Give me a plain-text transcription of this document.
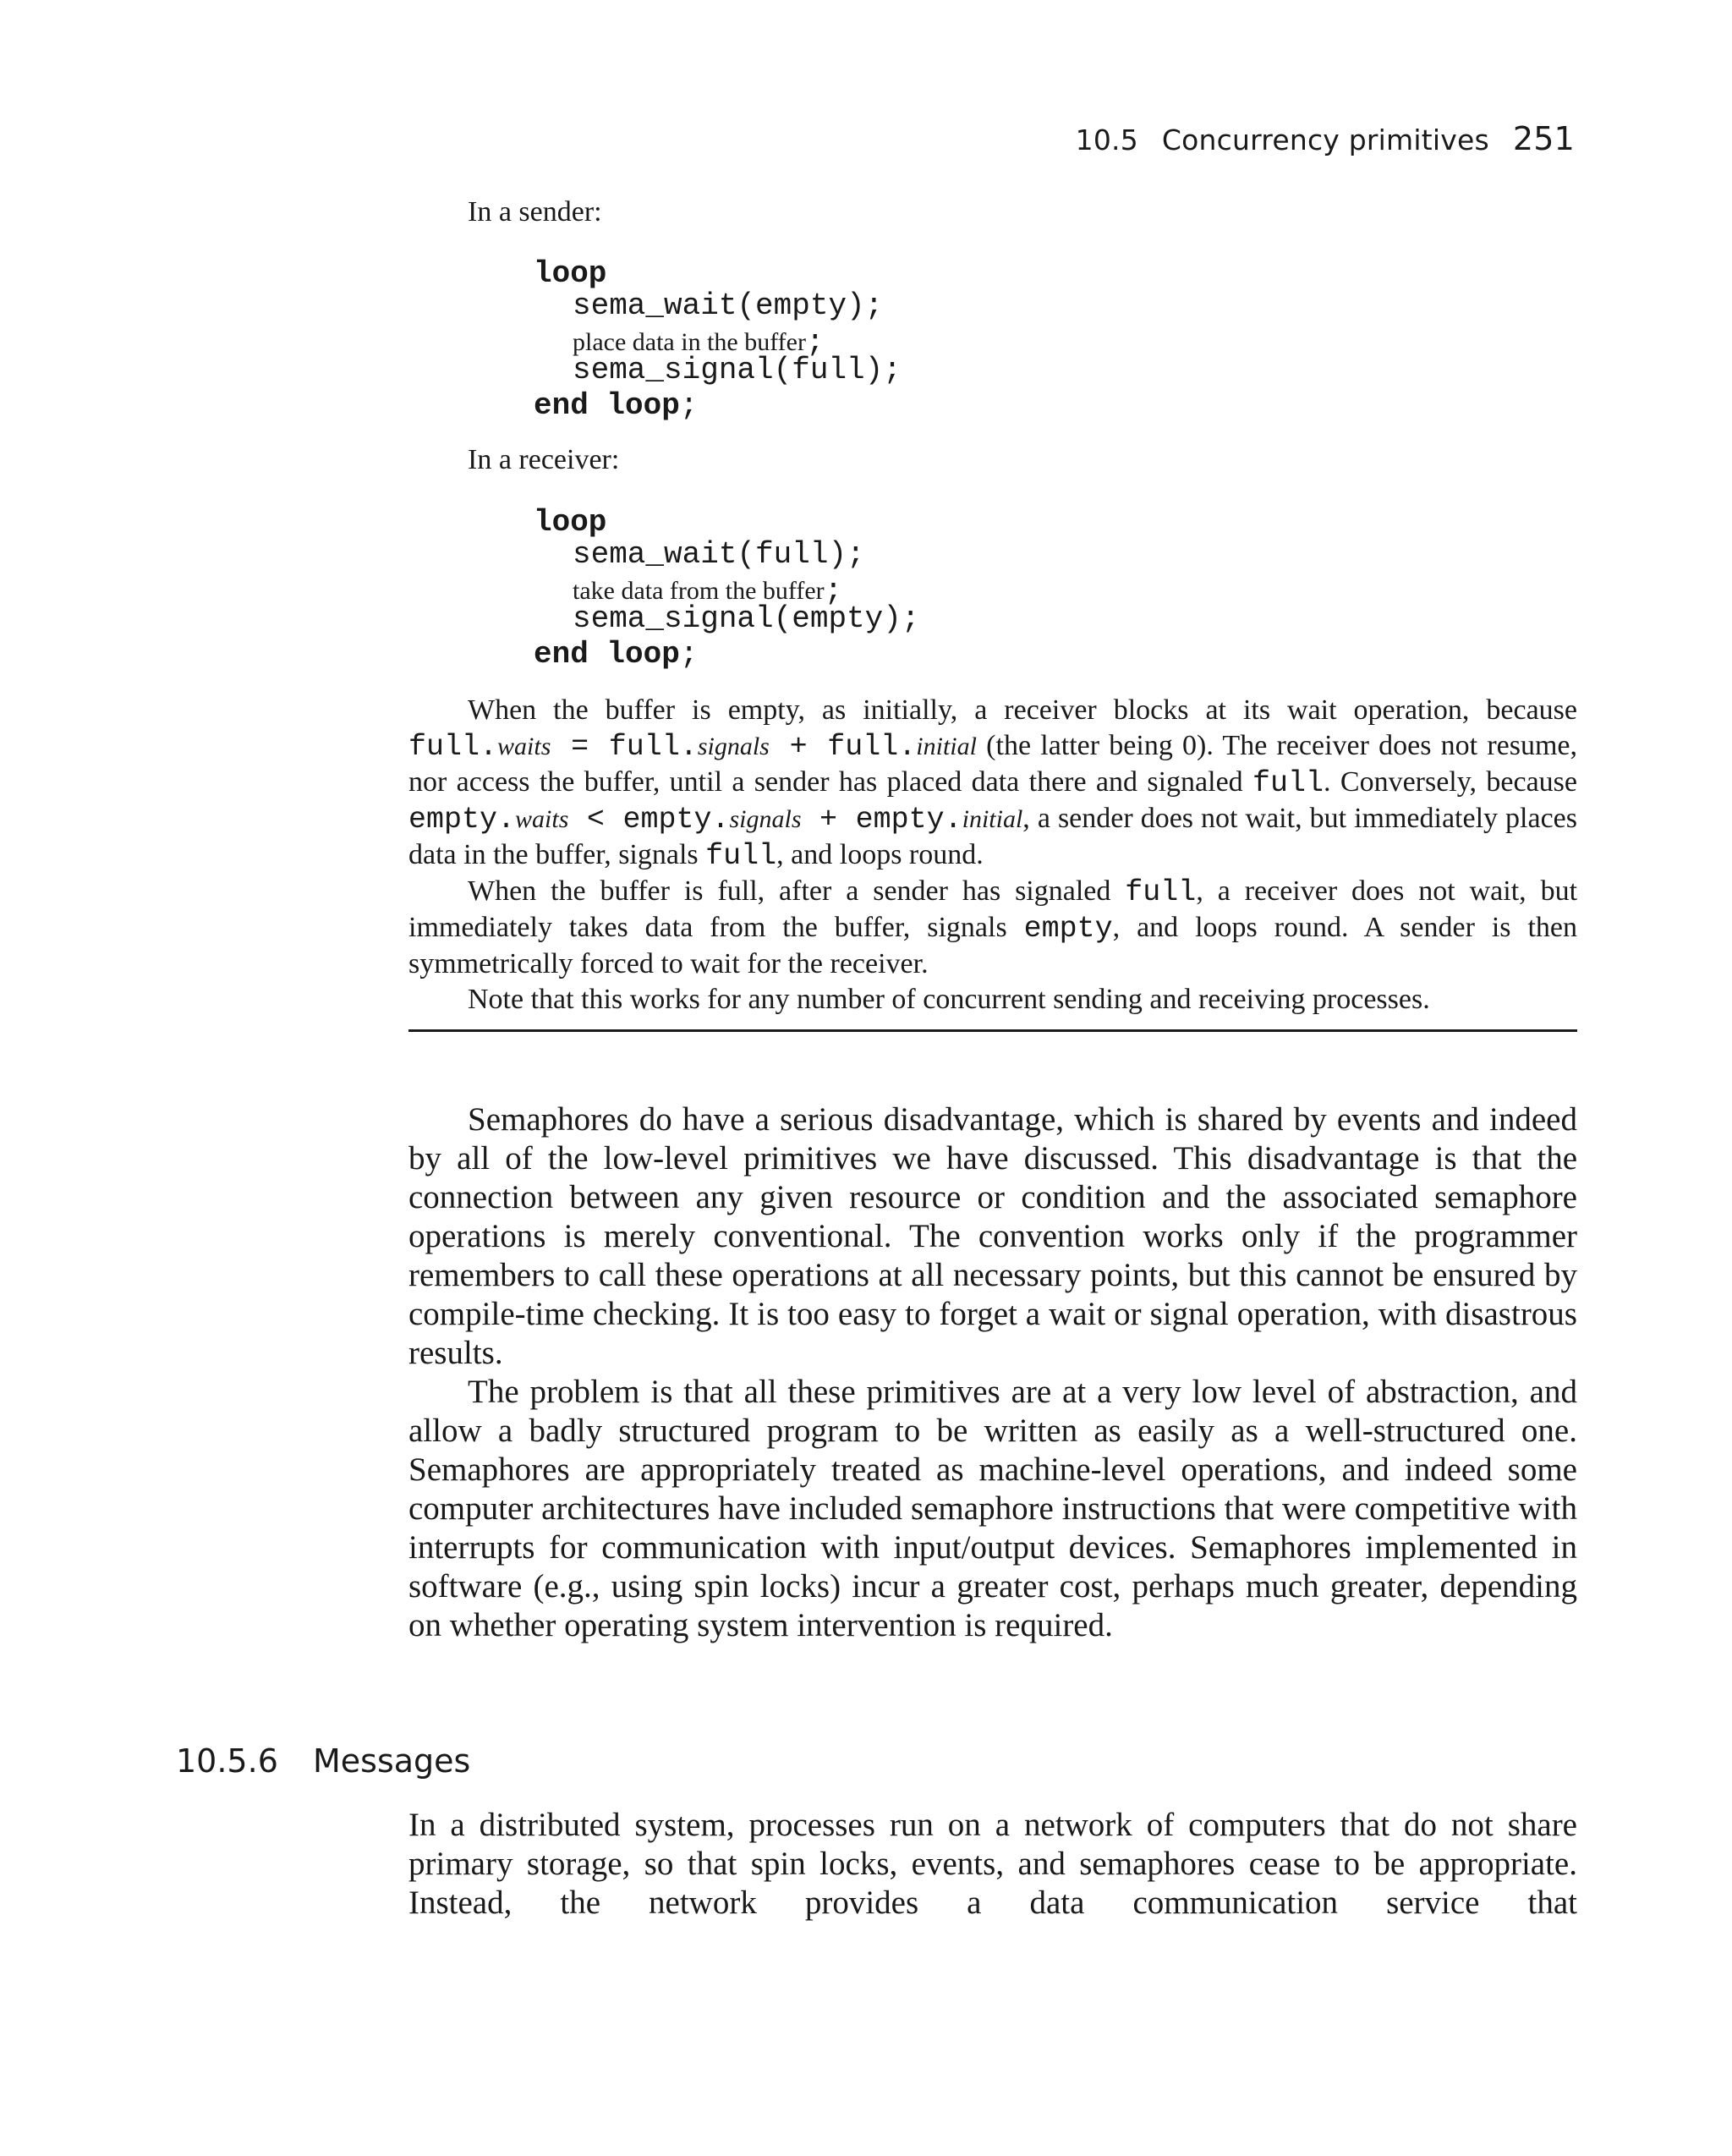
10.5 Concurrency primitives 251
In a sender:
loop
sema_wait(empty);
place data in the buffer;
sema_signal(full);
end loop;
In a receiver:
loop
sema_wait(full);
take data from the buffer;
sema_signal(empty);
end loop;

When the buffer is empty, as initially, a receiver blocks at its wait operation, because full.waits = full.signals + full.initial (the latter being 0). The receiver does not resume, nor access the buffer, until a sender has placed data there and signaled full. Conversely, because empty.waits < empty.signals + empty.initial, a sender does not wait, but immediately places data in the buffer, signals full, and loops round.

When the buffer is full, after a sender has signaled full, a receiver does not wait, but immediately takes data from the buffer, signals empty, and loops round. A sender is then symmetrically forced to wait for the receiver.

Note that this works for any number of concurrent sending and receiving processes.

Semaphores do have a serious disadvantage, which is shared by events and indeed by all of the low-level primitives we have discussed. This disadvantage is that the connection between any given resource or condition and the associated semaphore operations is merely conventional. The convention works only if the programmer remembers to call these operations at all necessary points, but this cannot be ensured by compile-time checking. It is too easy to forget a wait or signal operation, with disastrous results.

The problem is that all these primitives are at a very low level of abstraction, and allow a badly structured program to be written as easily as a well-structured one. Semaphores are appropriately treated as machine-level operations, and indeed some computer architectures have included semaphore instructions that were competitive with interrupts for communication with input/output devices. Semaphores implemented in software (e.g., using spin locks) incur a greater cost, perhaps much greater, depending on whether operating system intervention is required.

10.5.6 Messages

In a distributed system, processes run on a network of computers that do not share primary storage, so that spin locks, events, and semaphores cease to be appropriate. Instead, the network provides a data communication service that
